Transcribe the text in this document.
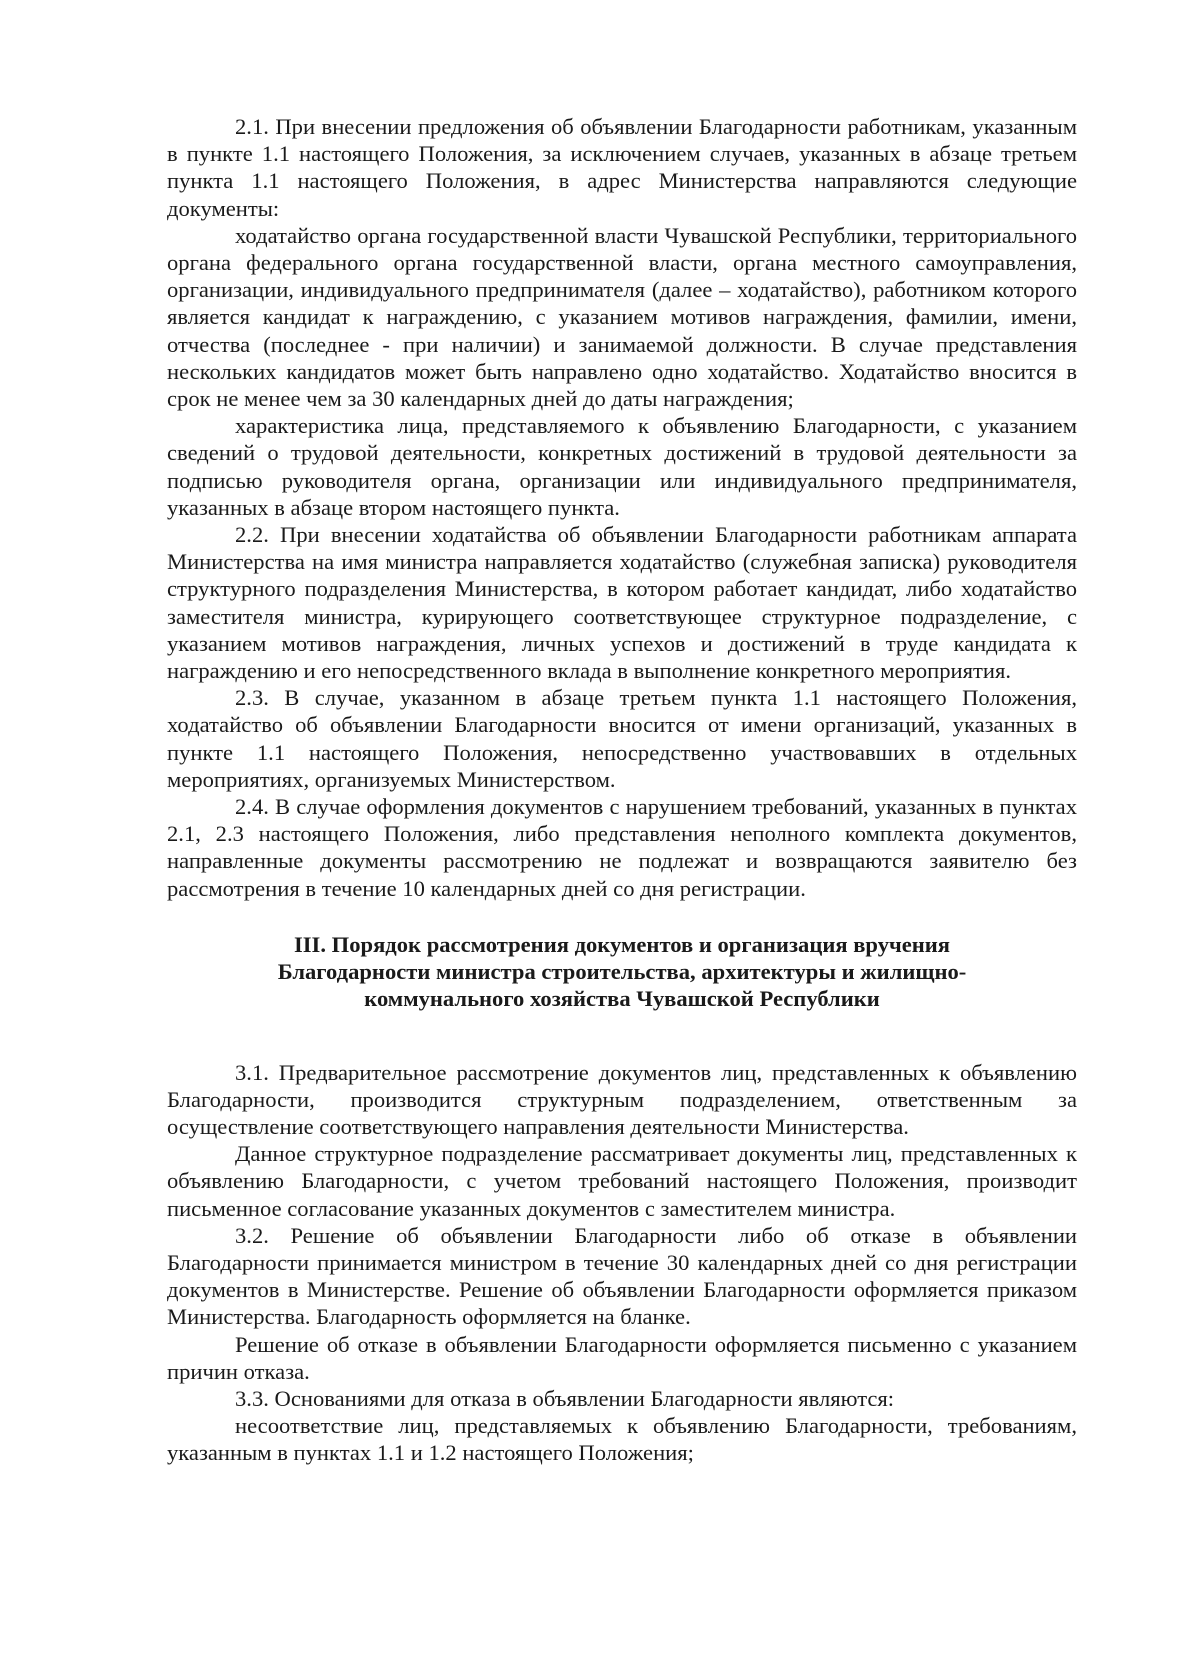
2.1. При внесении предложения об объявлении Благодарности работникам, указанным в пункте 1.1 настоящего Положения, за исключением случаев, указанных в абзаце третьем пункта 1.1 настоящего Положения, в адрес Министерства направляются следующие документы:

ходатайство органа государственной власти Чувашской Республики, территориального органа федерального органа государственной власти, органа местного самоуправления, организации, индивидуального предпринимателя (далее – ходатайство), работником которого является кандидат к награждению, с указанием мотивов награждения, фамилии, имени, отчества (последнее - при наличии) и занимаемой должности. В случае представления нескольких кандидатов может быть направлено одно ходатайство. Ходатайство вносится в срок не менее чем за 30 календарных дней до даты награждения;

характеристика лица, представляемого к объявлению Благодарности, с указанием сведений о трудовой деятельности, конкретных достижений в трудовой деятельности за подписью руководителя органа, организации или индивидуального предпринимателя, указанных в абзаце втором настоящего пункта.

2.2. При внесении ходатайства об объявлении Благодарности работникам аппарата Министерства на имя министра направляется ходатайство (служебная записка) руководителя структурного подразделения Министерства, в котором работает кандидат, либо ходатайство заместителя министра, курирующего соответствующее структурное подразделение, с указанием мотивов награждения, личных успехов и достижений в труде кандидата к награждению и его непосредственного вклада в выполнение конкретного мероприятия.

2.3. В случае, указанном в абзаце третьем пункта 1.1 настоящего Положения, ходатайство об объявлении Благодарности вносится от имени организаций, указанных в пункте 1.1 настоящего Положения, непосредственно участвовавших в отдельных мероприятиях, организуемых Министерством.

2.4. В случае оформления документов с нарушением требований, указанных в пунктах 2.1, 2.3 настоящего Положения, либо представления неполного комплекта документов, направленные документы рассмотрению не подлежат и возвращаются заявителю без рассмотрения в течение 10 календарных дней со дня регистрации.

III. Порядок рассмотрения документов и организация вручения
Благодарности министра строительства, архитектуры и жилищно-
коммунального хозяйства Чувашской Республики

3.1. Предварительное рассмотрение документов лиц, представленных к объявлению Благодарности, производится структурным подразделением, ответственным за осуществление соответствующего направления деятельности Министерства.

Данное структурное подразделение рассматривает документы лиц, представленных к объявлению Благодарности, с учетом требований настоящего Положения, производит письменное согласование указанных документов с заместителем министра.

3.2. Решение об объявлении Благодарности либо об отказе в объявлении Благодарности принимается министром в течение 30 календарных дней со дня регистрации документов в Министерстве. Решение об объявлении Благодарности оформляется приказом Министерства. Благодарность оформляется на бланке.

Решение об отказе в объявлении Благодарности оформляется письменно с указанием причин отказа.

3.3. Основаниями для отказа в объявлении Благодарности являются:

несоответствие лиц, представляемых к объявлению Благодарности, требованиям, указанным в пунктах 1.1 и 1.2 настоящего Положения;
